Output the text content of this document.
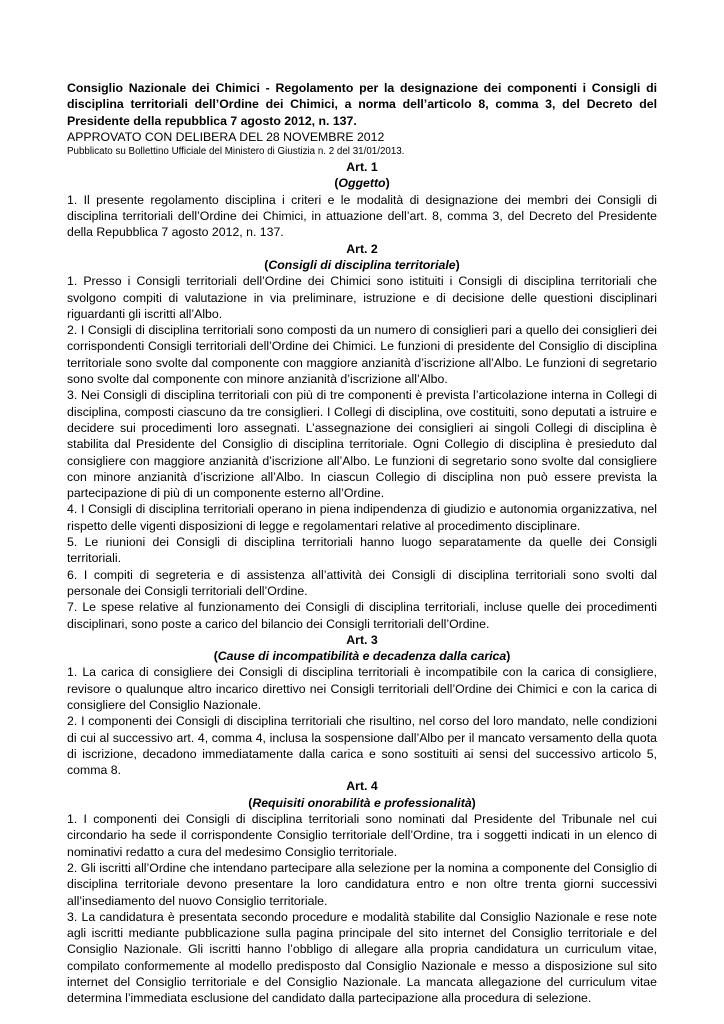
Consiglio Nazionale dei Chimici - Regolamento per la designazione dei componenti i Consigli di disciplina territoriali dell’Ordine dei Chimici, a norma dell’articolo 8, comma 3, del Decreto del Presidente della repubblica 7 agosto 2012, n. 137.

APPROVATO CON DELIBERA DEL 28 NOVEMBRE 2012

Pubblicato su Bollettino Ufficiale del Ministero di Giustizia n. 2 del 31/01/2013.

Art. 1

(Oggetto)

1. Il presente regolamento disciplina i criteri e le modalità di designazione dei membri dei Consigli di disciplina territoriali dell’Ordine dei Chimici, in attuazione dell’art. 8, comma 3, del Decreto del Presidente della Repubblica 7 agosto 2012, n. 137.

Art. 2

(Consigli di disciplina territoriale)

1. Presso i Consigli territoriali dell’Ordine dei Chimici sono istituiti i Consigli di disciplina territoriali che svolgono compiti di valutazione in via preliminare, istruzione e di decisione delle questioni disciplinari riguardanti gli iscritti all’Albo.

2. I Consigli di disciplina territoriali sono composti da un numero di consiglieri pari a quello dei consiglieri dei corrispondenti Consigli territoriali dell’Ordine dei Chimici. Le funzioni di presidente del Consiglio di disciplina territoriale sono svolte dal componente con maggiore anzianità d’iscrizione all’Albo. Le funzioni di segretario sono svolte dal componente con minore anzianità d’iscrizione all’Albo.

3. Nei Consigli di disciplina territoriali con più di tre componenti è prevista l’articolazione interna in Collegi di disciplina, composti ciascuno da tre consiglieri. I Collegi di disciplina, ove costituiti, sono deputati a istruire e decidere sui procedimenti loro assegnati. L’assegnazione dei consiglieri ai singoli Collegi di disciplina è stabilita dal Presidente del Consiglio di disciplina territoriale. Ogni Collegio di disciplina è presieduto dal consigliere con maggiore anzianità d’iscrizione all’Albo. Le funzioni di segretario sono svolte dal consigliere con minore anzianità d’iscrizione all’Albo. In ciascun Collegio di disciplina non può essere prevista la partecipazione di più di un componente esterno all’Ordine.

4. I Consigli di disciplina territoriali operano in piena indipendenza di giudizio e autonomia organizzativa, nel rispetto delle vigenti disposizioni di legge e regolamentari relative al procedimento disciplinare.

5. Le riunioni dei Consigli di disciplina territoriali hanno luogo separatamente da quelle dei Consigli territoriali.

6. I compiti di segreteria e di assistenza all’attività dei Consigli di disciplina territoriali sono svolti dal personale dei Consigli territoriali dell’Ordine.

7. Le spese relative al funzionamento dei Consigli di disciplina territoriali, incluse quelle dei procedimenti disciplinari, sono poste a carico del bilancio dei Consigli territoriali dell’Ordine.

Art. 3

(Cause di incompatibilità e decadenza dalla carica)

1. La carica di consigliere dei Consigli di disciplina territoriali è incompatibile con la carica di consigliere, revisore o qualunque altro incarico direttivo nei Consigli territoriali dell’Ordine dei Chimici e con la carica di consigliere del Consiglio Nazionale.

2. I componenti dei Consigli di disciplina territoriali che risultino, nel corso del loro mandato, nelle condizioni di cui al successivo art. 4, comma 4, inclusa la sospensione dall’Albo per il mancato versamento della quota di iscrizione, decadono immediatamente dalla carica e sono sostituiti ai sensi del successivo articolo 5, comma 8.

Art. 4

(Requisiti onorabilità e professionalità)

1. I componenti dei Consigli di disciplina territoriali sono nominati dal Presidente del Tribunale nel cui circondario ha sede il corrispondente Consiglio territoriale dell’Ordine, tra i soggetti indicati in un elenco di nominativi redatto a cura del medesimo Consiglio territoriale.

2. Gli iscritti all’Ordine che intendano partecipare alla selezione per la nomina a componente del Consiglio di disciplina territoriale devono presentare la loro candidatura entro e non oltre trenta giorni successivi all’insediamento del nuovo Consiglio territoriale.

3. La candidatura è presentata secondo procedure e modalità stabilite dal Consiglio Nazionale e rese note agli iscritti mediante pubblicazione sulla pagina principale del sito internet del Consiglio territoriale e del Consiglio Nazionale. Gli iscritti hanno l’obbligo di allegare alla propria candidatura un curriculum vitae, compilato conformemente al modello predisposto dal Consiglio Nazionale e messo a disposizione sul sito internet del Consiglio territoriale e del Consiglio Nazionale. La mancata allegazione del curriculum vitae determina l’immediata esclusione del candidato dalla partecipazione alla procedura di selezione.
